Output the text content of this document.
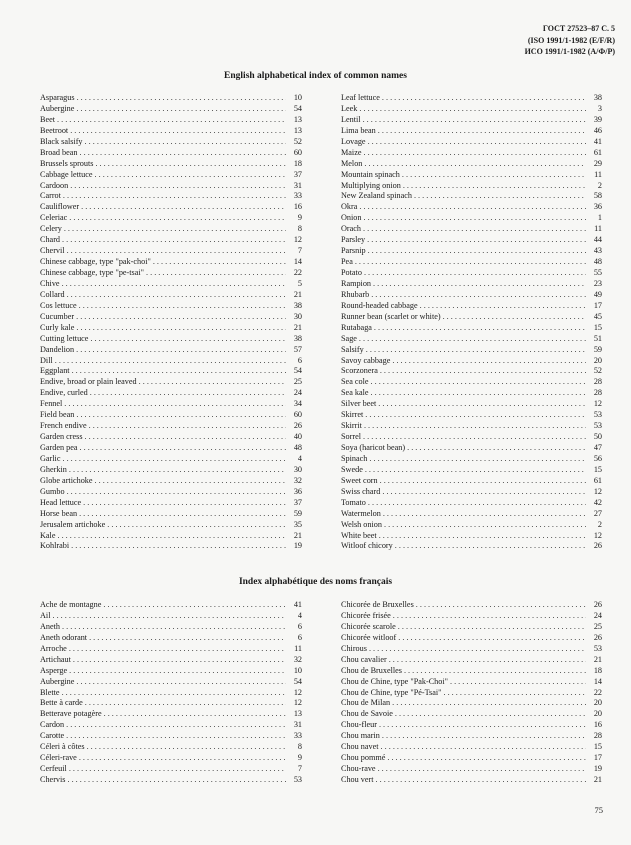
ГОСТ 27523–87 С. 5
(ISO 1991/1-1982 (E/F/R)
ИСО 1991/1-1982 (А/Ф/Р)
English alphabetical index of common names
Asparagus . . .	10
Aubergine . . .	54
Beet . . .	13
Beetroot . . .	13
Black salsify . . .	52
Broad bean . . .	60
Brussels sprouts . . .	18
Cabbage lettuce . . .	37
Cardoon . . .	31
Carrot . . .	33
Cauliflower . . .	16
Celeriac . . .	9
Celery . . .	8
Chard . . .	12
Chervil . . .	7
Chinese cabbage, type "pak-choi" . . .	14
Chinese cabbage, type "pe-tsai" . . .	22
Chive . . .	5
Collard . . .	21
Cos lettuce . . .	38
Cucumber . . .	30
Curly kale . . .	21
Cutting lettuce . . .	38
Dandelion . . .	57
Dill . . .	6
Eggplant . . .	54
Endive, broad or plain leaved . . .	25
Endive, curled . . .	24
Fennel . . .	34
Field bean . . .	60
French endive . . .	26
Garden cress . . .	40
Garden pea . . .	48
Garlic . . .	4
Gherkin . . .	30
Globe artichoke . . .	32
Gumbo . . .	36
Head lettuce . . .	37
Horse bean . . .	59
Jerusalem artichoke . . .	35
Kale . . .	21
Kohlrabi . . .	19
Leaf lettuce . . .	38
Leek . . .	3
Lentil . . .	39
Lima bean . . .	46
Lovage . . .	41
Maize . . .	61
Melon . . .	29
Mountain spinach . . .	11
Multiplying onion . . .	2
New Zealand spinach . . .	58
Okra . . .	36
Onion . . .	1
Orach . . .	11
Parsley . . .	44
Parsnip . . .	43
Pea . . .	48
Potato . . .	55
Rampion . . .	23
Rhubarb . . .	49
Round-headed cabbage . . .	17
Runner bean (scarlet or white) . . .	45
Rutabaga . . .	15
Sage . . .	51
Salsify . . .	59
Savoy cabbage . . .	20
Scorzonera . . .	52
Sea cole . . .	28
Sea kale . . .	28
Silver beet . . .	12
Skirret . . .	53
Skirrit . . .	53
Sorrel . . .	50
Soya (haricot bean) . . .	47
Spinach . . .	56
Swede . . .	15
Sweet corn . . .	61
Swiss chard . . .	12
Tomato . . .	42
Watermelon . . .	27
Welsh onion . . .	2
White beet . . .	12
Witloof chicory . . .	26
Index alphabétique des noms français
Ache de montagne . . .	41
Ail . . .	4
Aneth . . .	6
Aneth odorant . . .	6
Arroche . . .	11
Artichaut . . .	32
Asperge . . .	10
Aubergine . . .	54
Blette . . .	12
Bette à carde . . .	12
Betterave potagère . . .	13
Cardon . . .	31
Carotte . . .	33
Céleri à côtes . . .	8
Céleri-rave . . .	9
Cerfeuil . . .	7
Chervis . . .	53
Chicorée de Bruxelles . . .	26
Chicorée frisée . . .	24
Chicorée scarole . . .	25
Chicorée witloof . . .	26
Chirous . . .	53
Chou cavalier . . .	21
Chou de Bruxelles . . .	18
Chou de Chine, type "Pak-Choi" . . .	14
Chou de Chine, type "Pé-Tsai" . . .	22
Chou de Milan . . .	20
Chou de Savoie . . .	20
Chou-fleur . . .	16
Chou marin . . .	28
Chou navet . . .	15
Chou pommé . . .	17
Chou-rave . . .	19
Chou vert . . .	21
75
